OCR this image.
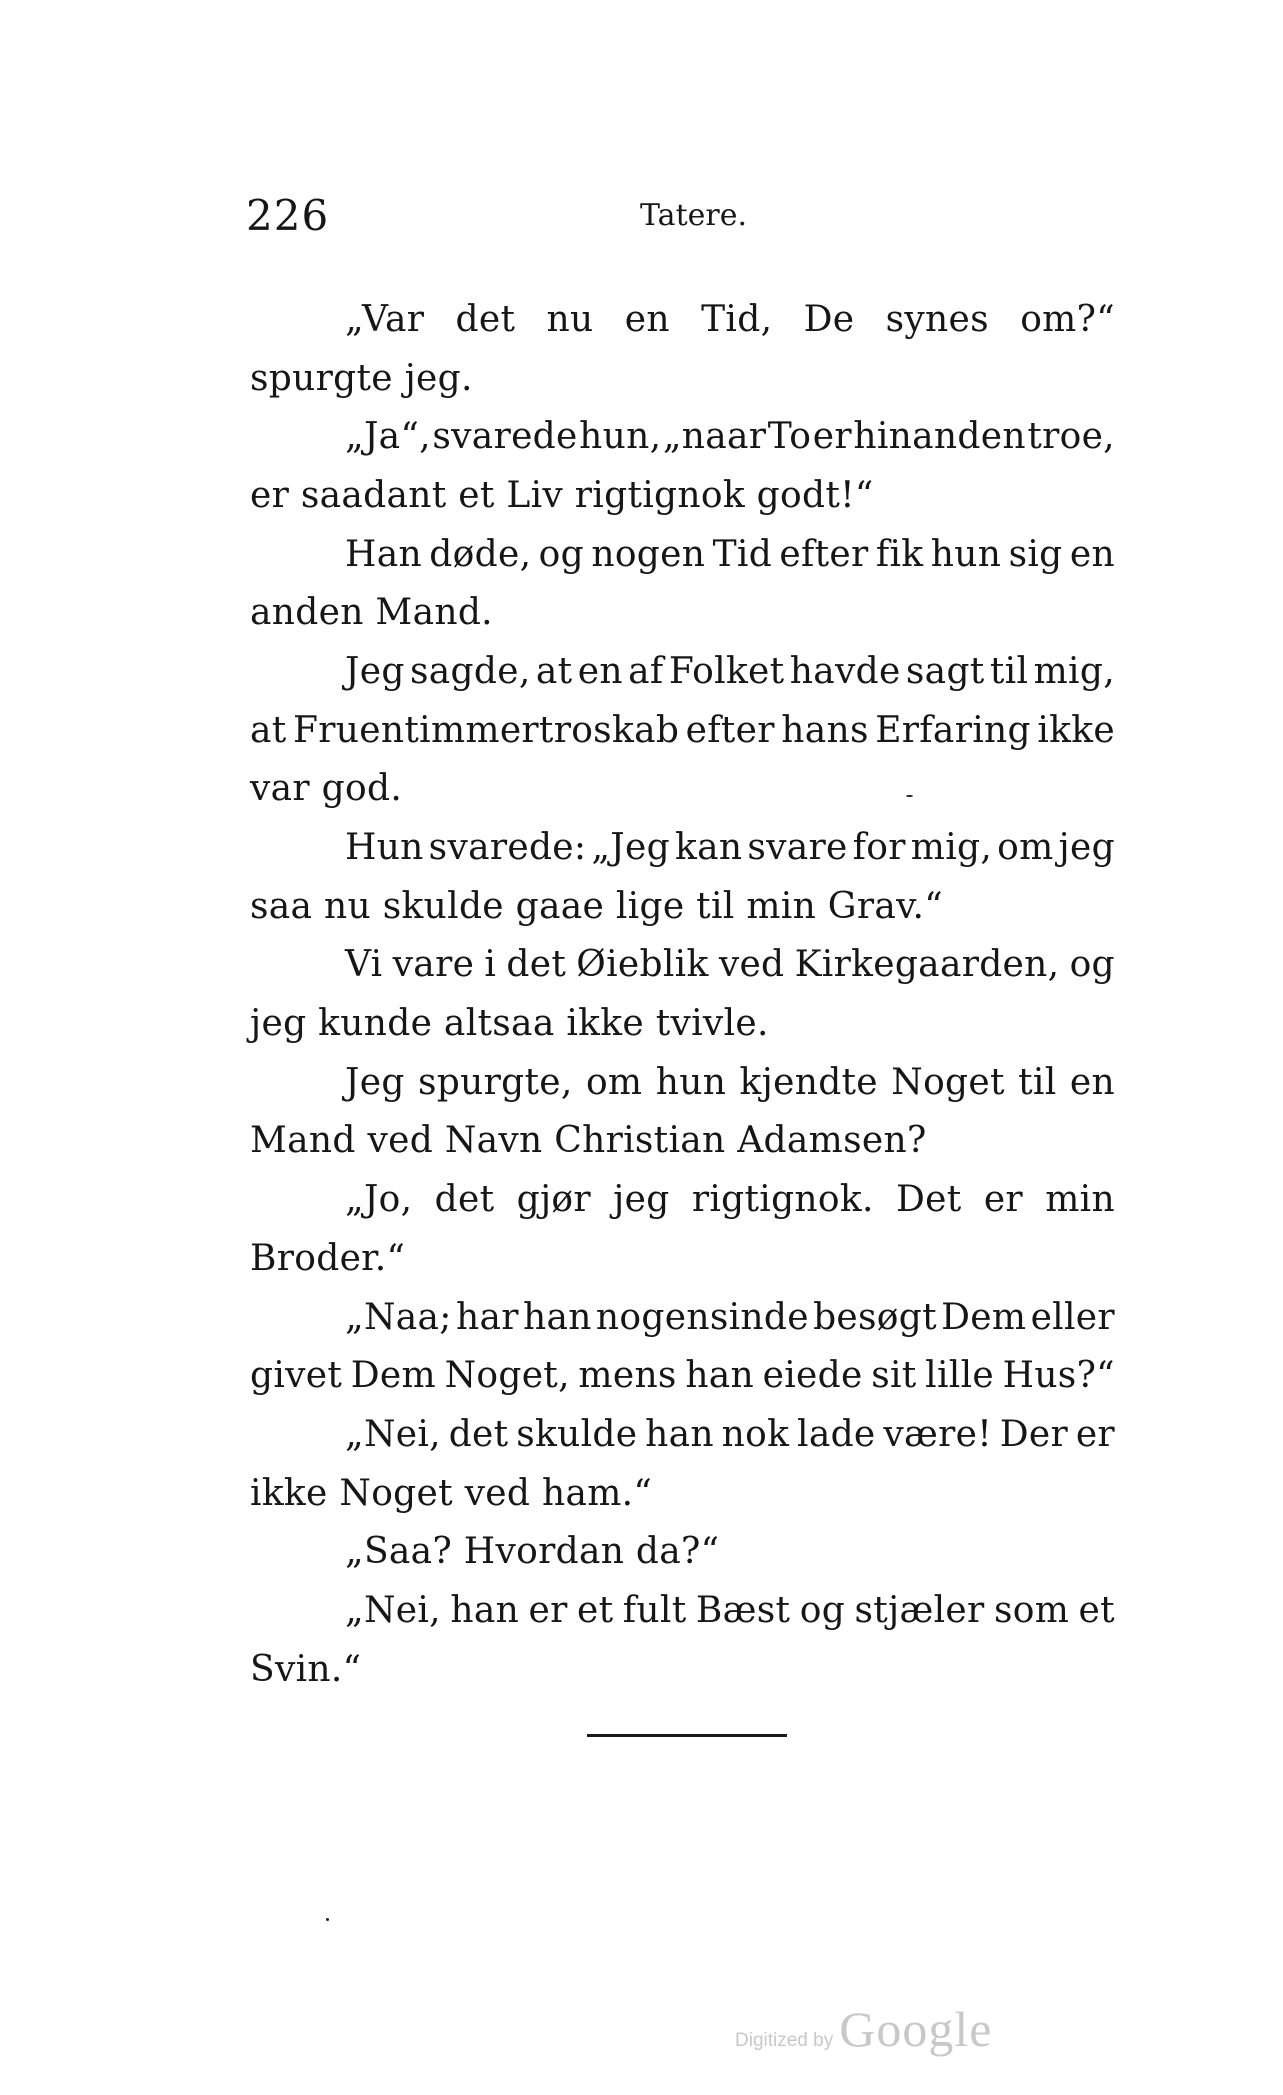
226	Tatere.
„Var det nu en Tid, De synes om?“
spurgte jeg.
„Ja“, svarede hun, „naar To er hinanden troe,
er saadant et Liv rigtignok godt!“
Han døde, og nogen Tid efter fik hun sig en
anden Mand.
Jeg sagde, at en af Folket havde sagt til mig,
at Fruentimmertroskab efter hans Erfaring ikke
var god.
Hun svarede: „Jeg kan svare for mig, om jeg
saa nu skulde gaae lige til min Grav.“
Vi vare i det Øieblik ved Kirkegaarden, og
jeg kunde altsaa ikke tvivle.
Jeg spurgte, om hun kjendte Noget til en
Mand ved Navn Christian Adamsen?
„Jo, det gjør jeg rigtignok. Det er min
Broder.“
„Naa; har han nogensinde besøgt Dem eller
givet Dem Noget, mens han eiede sit lille Hus?“
„Nei, det skulde han nok lade være! Der er
ikke Noget ved ham.“
„Saa? Hvordan da?“
„Nei, han er et fult Bæst og stjæler som et
Svin.“
Digitized by Google
